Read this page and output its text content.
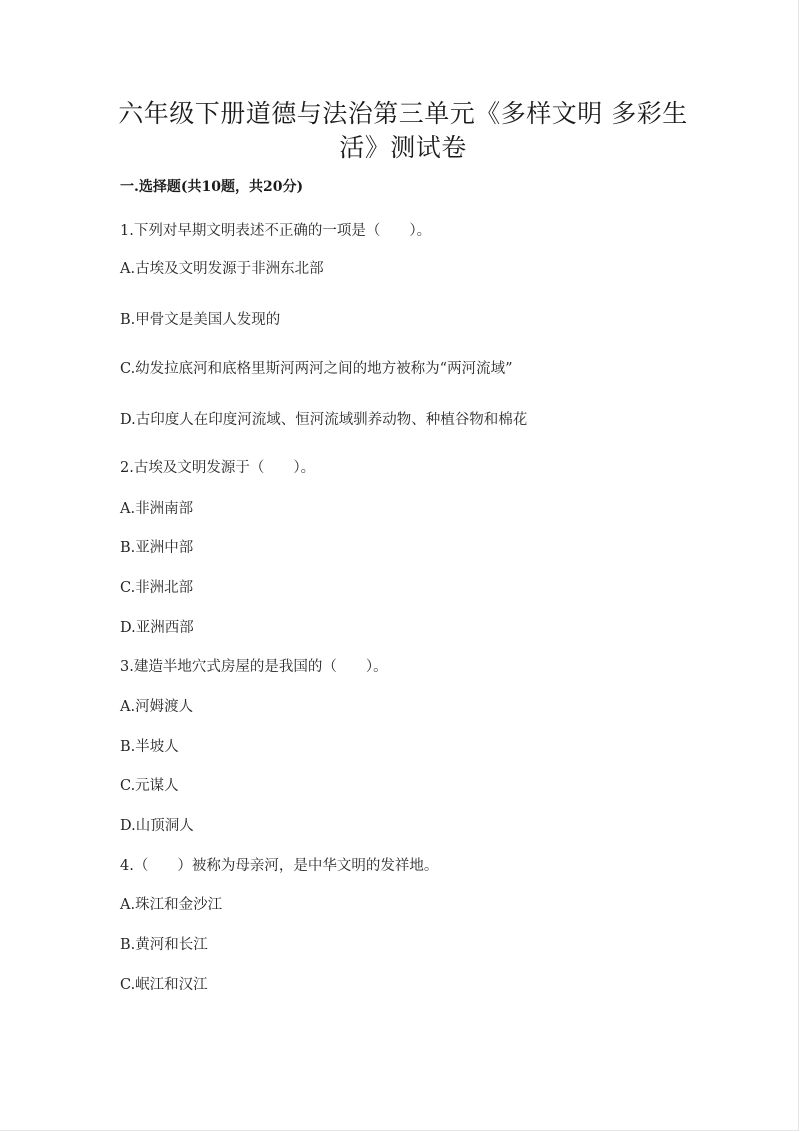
六年级下册道德与法治第三单元《多样文明 多彩生活》测试卷
一.选择题(共10题，共20分)
1.下列对早期文明表述不正确的一项是（　　）。
A.古埃及文明发源于非洲东北部
B.甲骨文是美国人发现的
C.幼发拉底河和底格里斯河两河之间的地方被称为“两河流域”
D.古印度人在印度河流域、恒河流域驯养动物、种植谷物和棉花
2.古埃及文明发源于（　　）。
A.非洲南部
B.亚洲中部
C.非洲北部
D.亚洲西部
3.建造半地穴式房屋的是我国的（　　）。
A.河姆渡人
B.半坡人
C.元谋人
D.山顶洞人
4.（　　）被称为母亲河，是中华文明的发祥地。
A.珠江和金沙江
B.黄河和长江
C.岷江和汉江
